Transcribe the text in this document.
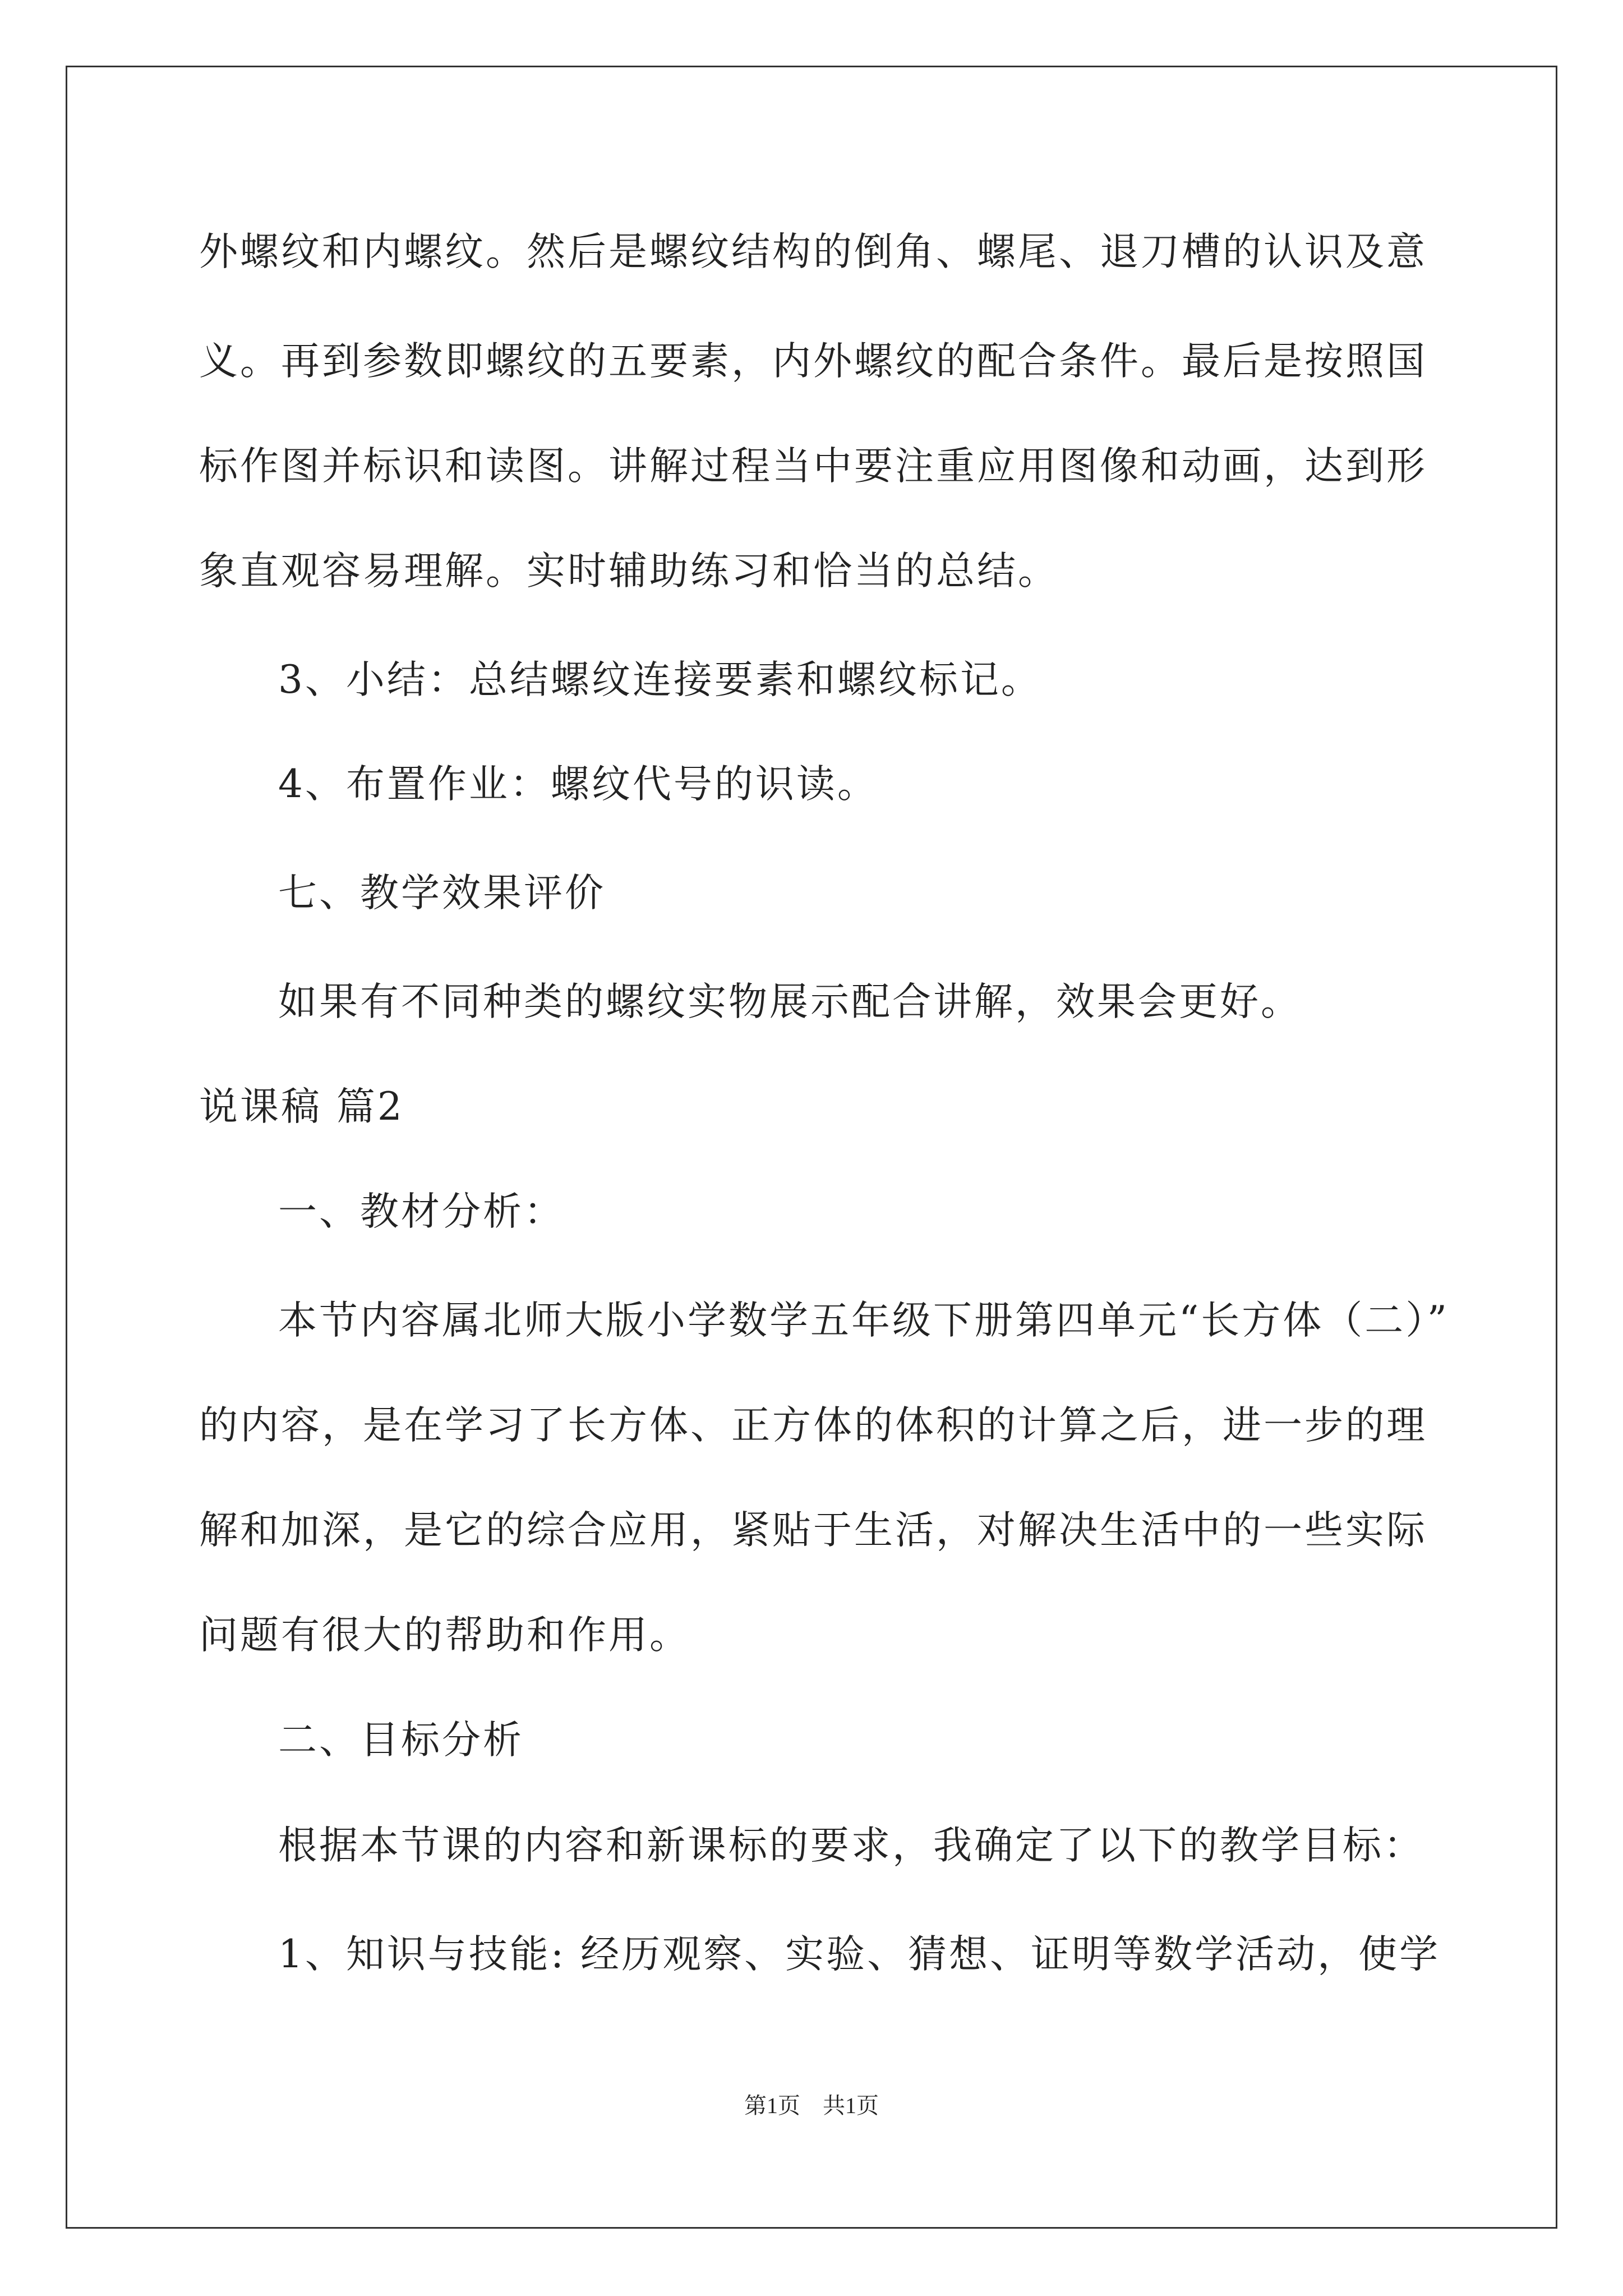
外螺纹和内螺纹。然后是螺纹结构的倒角、螺尾、退刀槽的认识及意
义。再到参数即螺纹的五要素，内外螺纹的配合条件。最后是按照国
标作图并标识和读图。讲解过程当中要注重应用图像和动画，达到形
象直观容易理解。实时辅助练习和恰当的总结。
3、小结：总结螺纹连接要素和螺纹标记。
4、布置作业：螺纹代号的识读。
七、教学效果评价
如果有不同种类的螺纹实物展示配合讲解，效果会更好。
说课稿 篇2
一、教材分析：
本节内容属北师大版小学数学五年级下册第四单元“长方体（二）”
的内容，是在学习了长方体、正方体的体积的计算之后，进一步的理
解和加深，是它的综合应用，紧贴于生活，对解决生活中的一些实际
问题有很大的帮助和作用。
二、目标分析
根据本节课的内容和新课标的要求，我确定了以下的教学目标：
1、知识与技能: 经历观察、实验、猜想、证明等数学活动，使学
第1页 共1页
